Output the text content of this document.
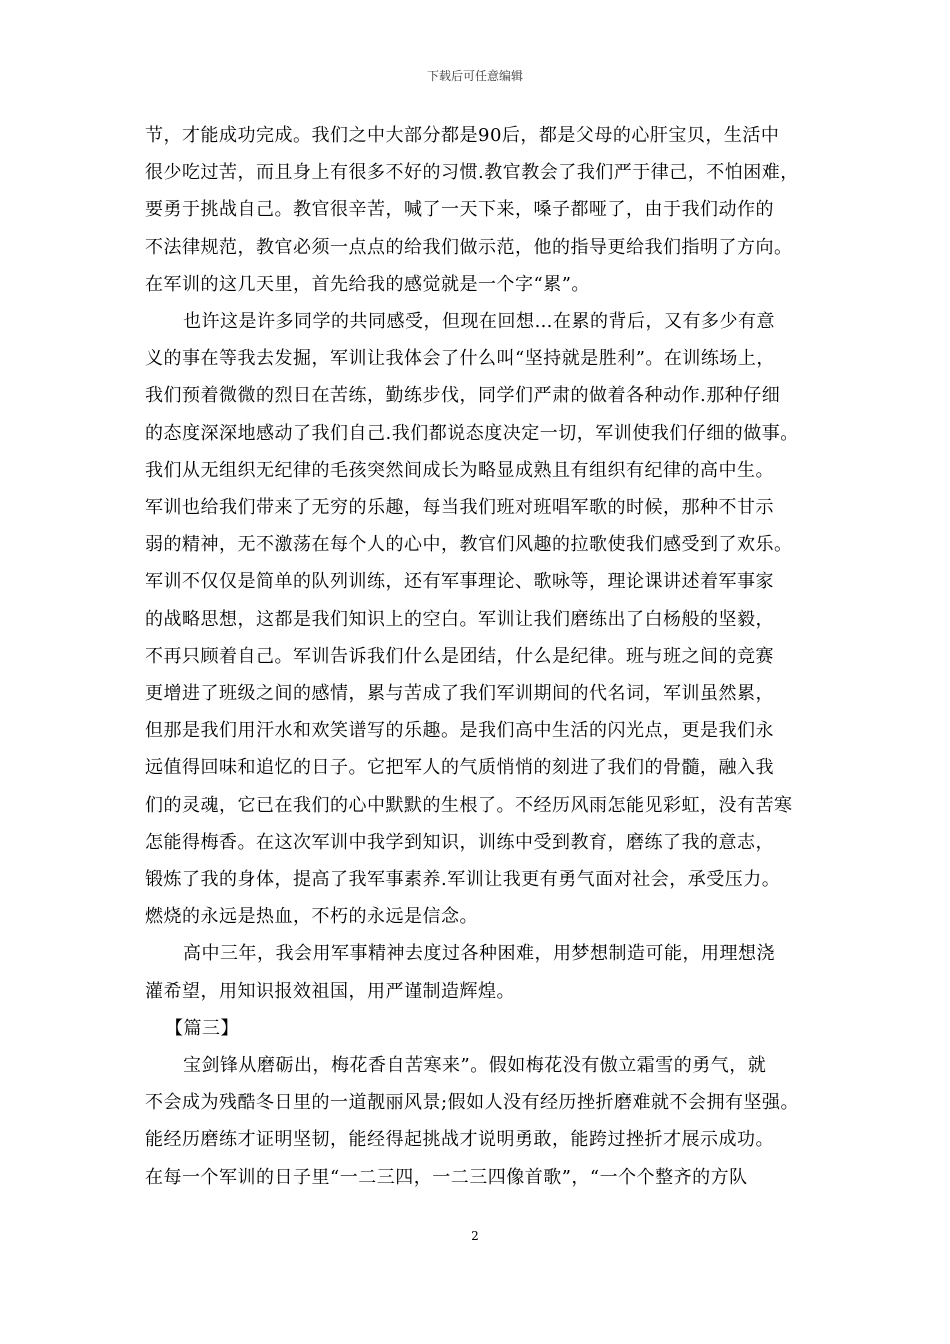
下载后可任意编辑

节，才能成功完成。我们之中大部分都是90后，都是父母的心肝宝贝，生活中

很少吃过苦，而且身上有很多不好的习惯.教官教会了我们严于律己，不怕困难，

要勇于挑战自己。教官很辛苦，喊了一天下来，嗓子都哑了，由于我们动作的

不法律规范，教官必须一点点的给我们做示范，他的指导更给我们指明了方向。

在军训的这几天里，首先给我的感觉就是一个字“累”。

也许这是许多同学的共同感受，但现在回想…在累的背后，又有多少有意

义的事在等我去发掘，军训让我体会了什么叫“坚持就是胜利”。在训练场上，

我们预着微微的烈日在苦练，勤练步伐，同学们严肃的做着各种动作.那种仔细

的态度深深地感动了我们自己.我们都说态度决定一切，军训使我们仔细的做事。

我们从无组织无纪律的毛孩突然间成长为略显成熟且有组织有纪律的高中生。

军训也给我们带来了无穷的乐趣，每当我们班对班唱军歌的时候，那种不甘示

弱的精神，无不激荡在每个人的心中，教官们风趣的拉歌使我们感受到了欢乐。

军训不仅仅是简单的队列训练，还有军事理论、歌咏等，理论课讲述着军事家

的战略思想，这都是我们知识上的空白。军训让我们磨练出了白杨般的坚毅，

不再只顾着自己。军训告诉我们什么是团结，什么是纪律。班与班之间的竞赛

更增进了班级之间的感情，累与苦成了我们军训期间的代名词，军训虽然累，

但那是我们用汗水和欢笑谱写的乐趣。是我们高中生活的闪光点，更是我们永

远值得回味和追忆的日子。它把军人的气质悄悄的刻进了我们的骨髓，融入我

们的灵魂，它已在我们的心中默默的生根了。不经历风雨怎能见彩虹，没有苦寒

怎能得梅香。在这次军训中我学到知识，训练中受到教育，磨练了我的意志，

锻炼了我的身体，提高了我军事素养.军训让我更有勇气面对社会，承受压力。

燃烧的永远是热血，不朽的永远是信念。

高中三年，我会用军事精神去度过各种困难，用梦想制造可能，用理想浇

灌希望，用知识报效祖国，用严谨制造辉煌。

【篇三】

宝剑锋从磨砺出，梅花香自苦寒来”。假如梅花没有傲立霜雪的勇气，就

不会成为残酷冬日里的一道靓丽风景;假如人没有经历挫折磨难就不会拥有坚强。

能经历磨练才证明坚韧，能经得起挑战才说明勇敢，能跨过挫折才展示成功。

在每一个军训的日子里“一二三四，一二三四像首歌”，“一个个整齐的方队

2
